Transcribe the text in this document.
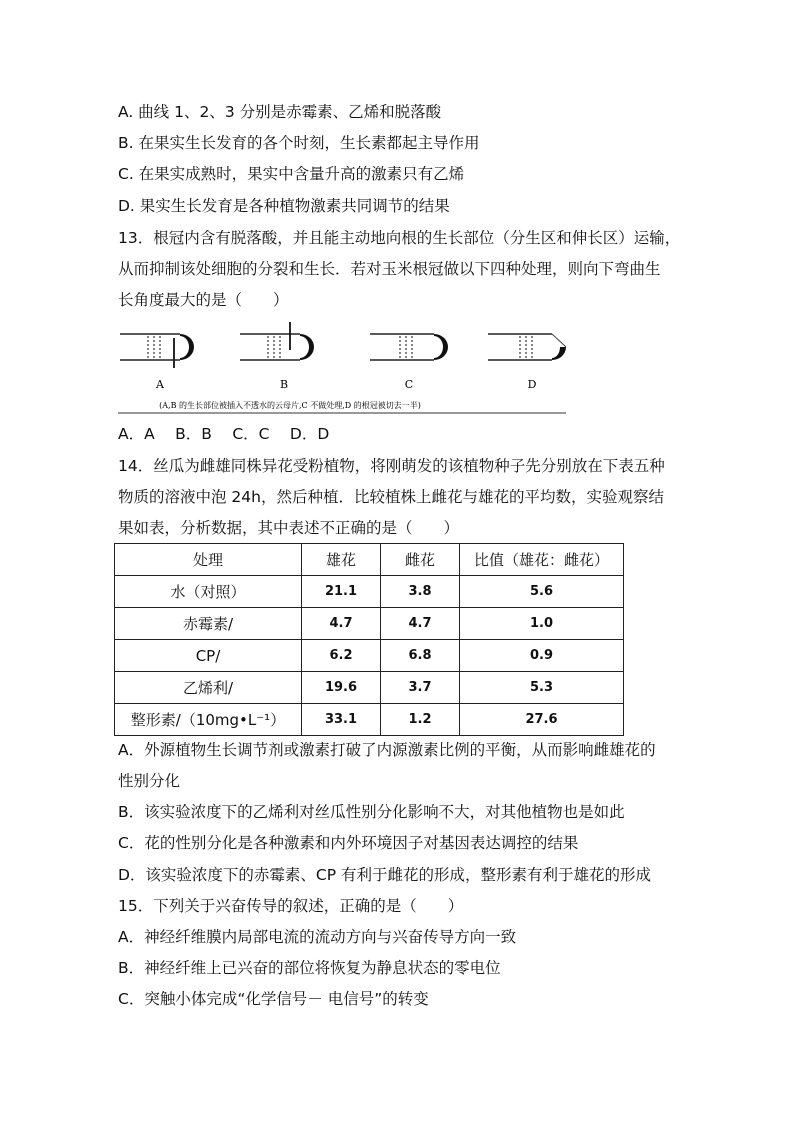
A. 曲线 1、2、3 分别是赤霉素、乙烯和脱落酸
B. 在果实生长发育的各个时刻，生长素都起主导作用
C. 在果实成熟时，果实中含量升高的激素只有乙烯
D. 果实生长发育是各种植物激素共同调节的结果
13．根冠内含有脱落酸，并且能主动地向根的生长部位（分生区和伸长区）运输，
从而抑制该处细胞的分裂和生长．若对玉米根冠做以下四种处理，则向下弯曲生
长角度最大的是（　　）
A	B	C	D
(A,B 的生长部位被插入不透水的云母片,C 不做处理,D 的根冠被切去一半)
A．A　 B．B　 C．C　 D．D
14．丝瓜为雌雄同株异花受粉植物，将刚萌发的该植物种子先分别放在下表五种
物质的溶液中泡 24h，然后种植．比较植株上雌花与雄花的平均数，实验观察结
果如表，分析数据，其中表述不正确的是（　　）
处理	雄花	雌花	比值（雄花：雌花）
水（对照）	21.1	3.8	5.6
赤霉素/	4.7	4.7	1.0
CP/	6.2	6.8	0.9
乙烯利/	19.6	3.7	5.3
整形素/（10mg•L⁻¹）	33.1	1.2	27.6
A．外源植物生长调节剂或激素打破了内源激素比例的平衡，从而影响雌雄花的
性别分化
B．该实验浓度下的乙烯利对丝瓜性别分化影响不大，对其他植物也是如此
C．花的性别分化是各种激素和内外环境因子对基因表达调控的结果
D．该实验浓度下的赤霉素、CP 有利于雌花的形成，整形素有利于雄花的形成
15．下列关于兴奋传导的叙述，正确的是（　　）
A．神经纤维膜内局部电流的流动方向与兴奋传导方向一致
B．神经纤维上已兴奋的部位将恢复为静息状态的零电位
C．突触小体完成“化学信号－ 电信号”的转变
